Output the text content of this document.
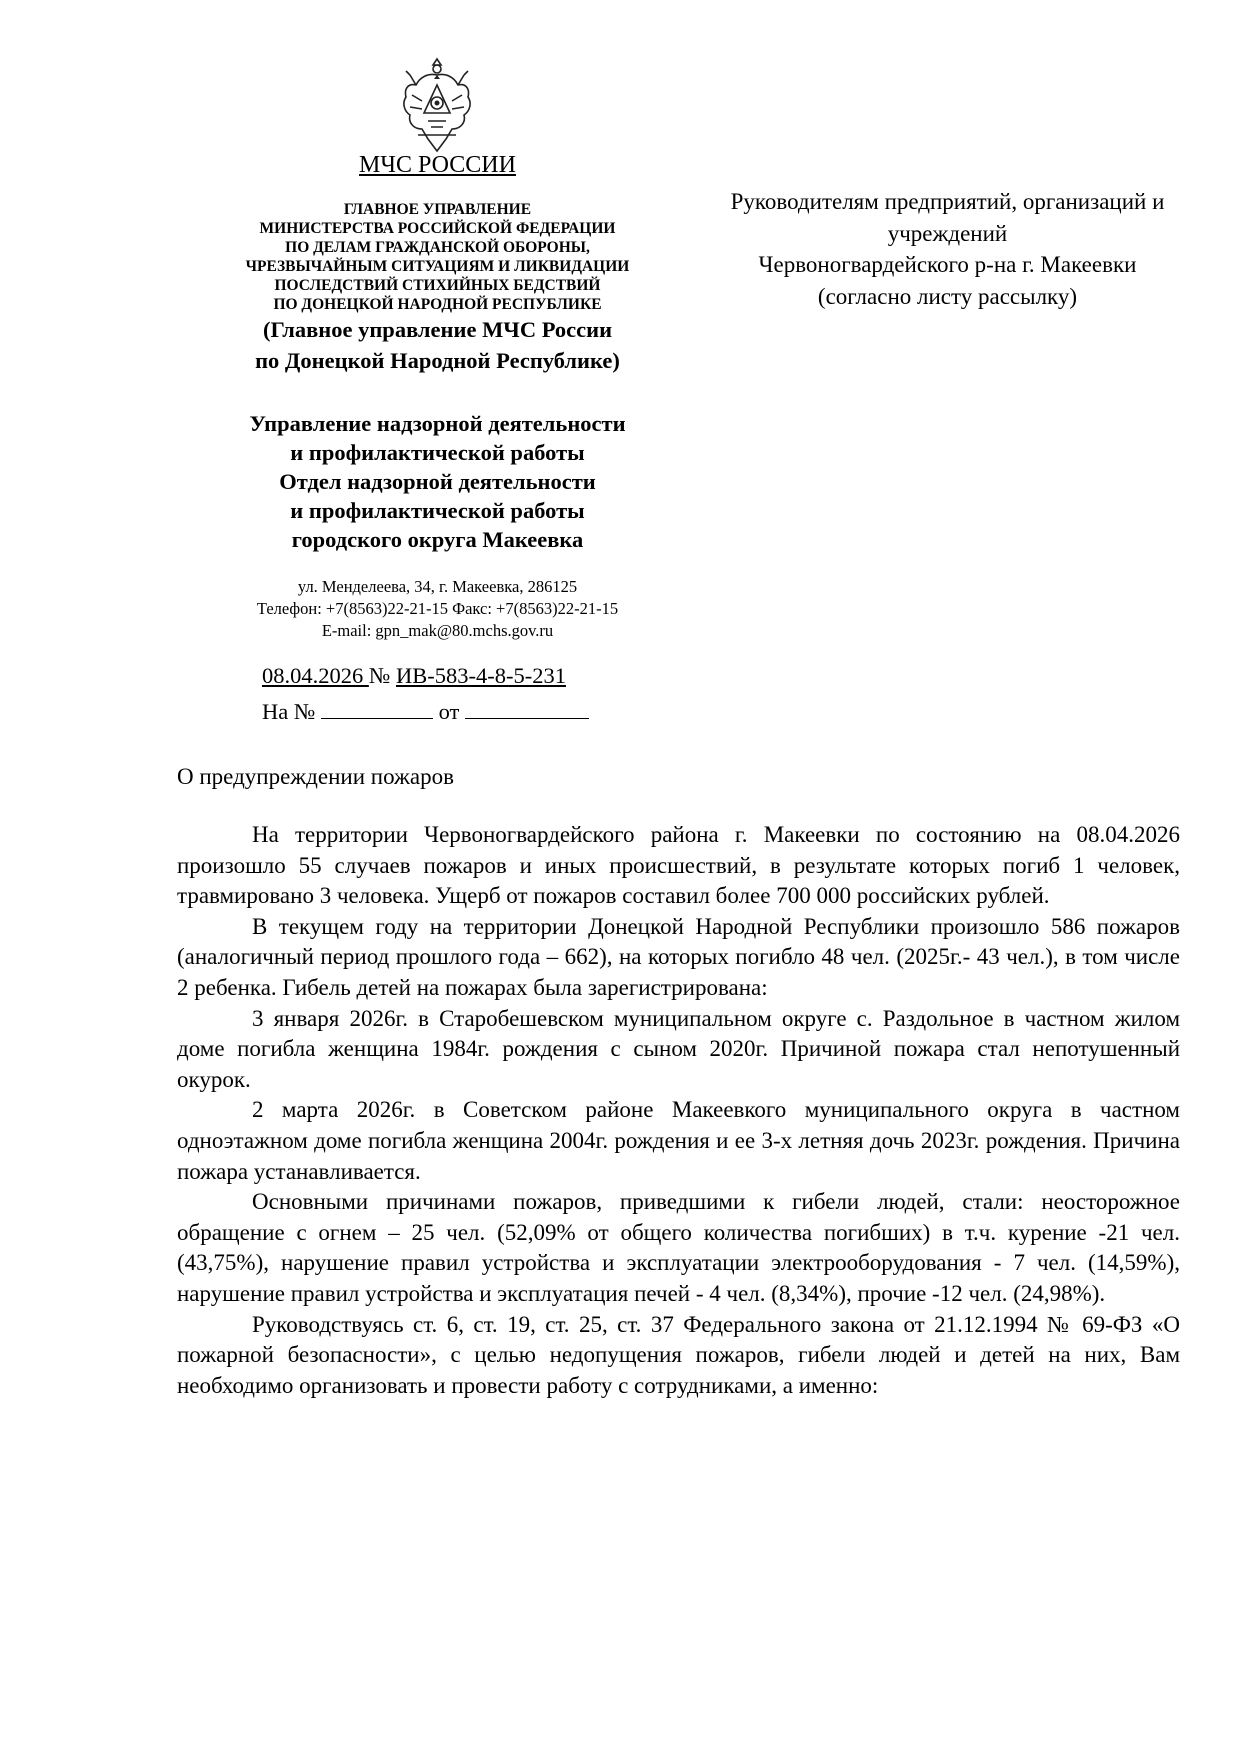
МЧС РОССИИ
ГЛАВНОЕ УПРАВЛЕНИЕ
МИНИСТЕРСТВА РОССИЙСКОЙ ФЕДЕРАЦИИ
ПО ДЕЛАМ ГРАЖДАНСКОЙ ОБОРОНЫ,
ЧРЕЗВЫЧАЙНЫМ СИТУАЦИЯМ И ЛИКВИДАЦИИ
ПОСЛЕДСТВИЙ СТИХИЙНЫХ БЕДСТВИЙ
ПО ДОНЕЦКОЙ НАРОДНОЙ РЕСПУБЛИКЕ
(Главное управление МЧС России
по Донецкой Народной Республике)
Управление надзорной деятельности
и профилактической работы
Отдел надзорной деятельности
и профилактической работы
городского округа Макеевка
ул. Менделеева, 34, г. Макеевка, 286125
Телефон: +7(8563)22-21-15 Факс: +7(8563)22-21-15
E-mail: gpn_mak@80.mchs.gov.ru
08.04.2026 № ИВ-583-4-8-5-231
На №	от
Руководителям предприятий, организаций и
учреждений
Червоногвардейского р-на г. Макеевки
(согласно листу рассылку)
О предупреждении пожаров

На территории Червоногвардейского района г. Макеевки по состоянию на 08.04.2026 произошло 55 случаев пожаров и иных происшествий, в результате которых погиб 1 человек, травмировано 3 человека. Ущерб от пожаров составил более 700 000 российских рублей.

В текущем году на территории Донецкой Народной Республики произошло 586 пожаров (аналогичный период прошлого года – 662), на которых погибло 48 чел. (2025г.- 43 чел.), в том числе 2 ребенка. Гибель детей на пожарах была зарегистрирована:

3 января 2026г. в Старобешевском муниципальном округе с. Раздольное в частном жилом доме погибла женщина 1984г. рождения с сыном 2020г. Причиной пожара стал непотушенный окурок.

2 марта 2026г. в Советском районе Макеевкого муниципального округа в частном одноэтажном доме погибла женщина 2004г. рождения и ее 3-х летняя дочь 2023г. рождения. Причина пожара устанавливается.

Основными причинами пожаров, приведшими к гибели людей, стали: неосторожное обращение с огнем – 25 чел. (52,09% от общего количества погибших) в т.ч. курение -21 чел. (43,75%), нарушение правил устройства и эксплуатации электрооборудования - 7 чел. (14,59%), нарушение правил устройства и эксплуатация печей - 4 чел. (8,34%), прочие -12 чел. (24,98%).

Руководствуясь ст. 6, ст. 19, ст. 25, ст. 37 Федерального закона от 21.12.1994 № 69-ФЗ «О пожарной безопасности», с целью недопущения пожаров, гибели людей и детей на них, Вам необходимо организовать и провести работу с сотрудниками, а именно:
